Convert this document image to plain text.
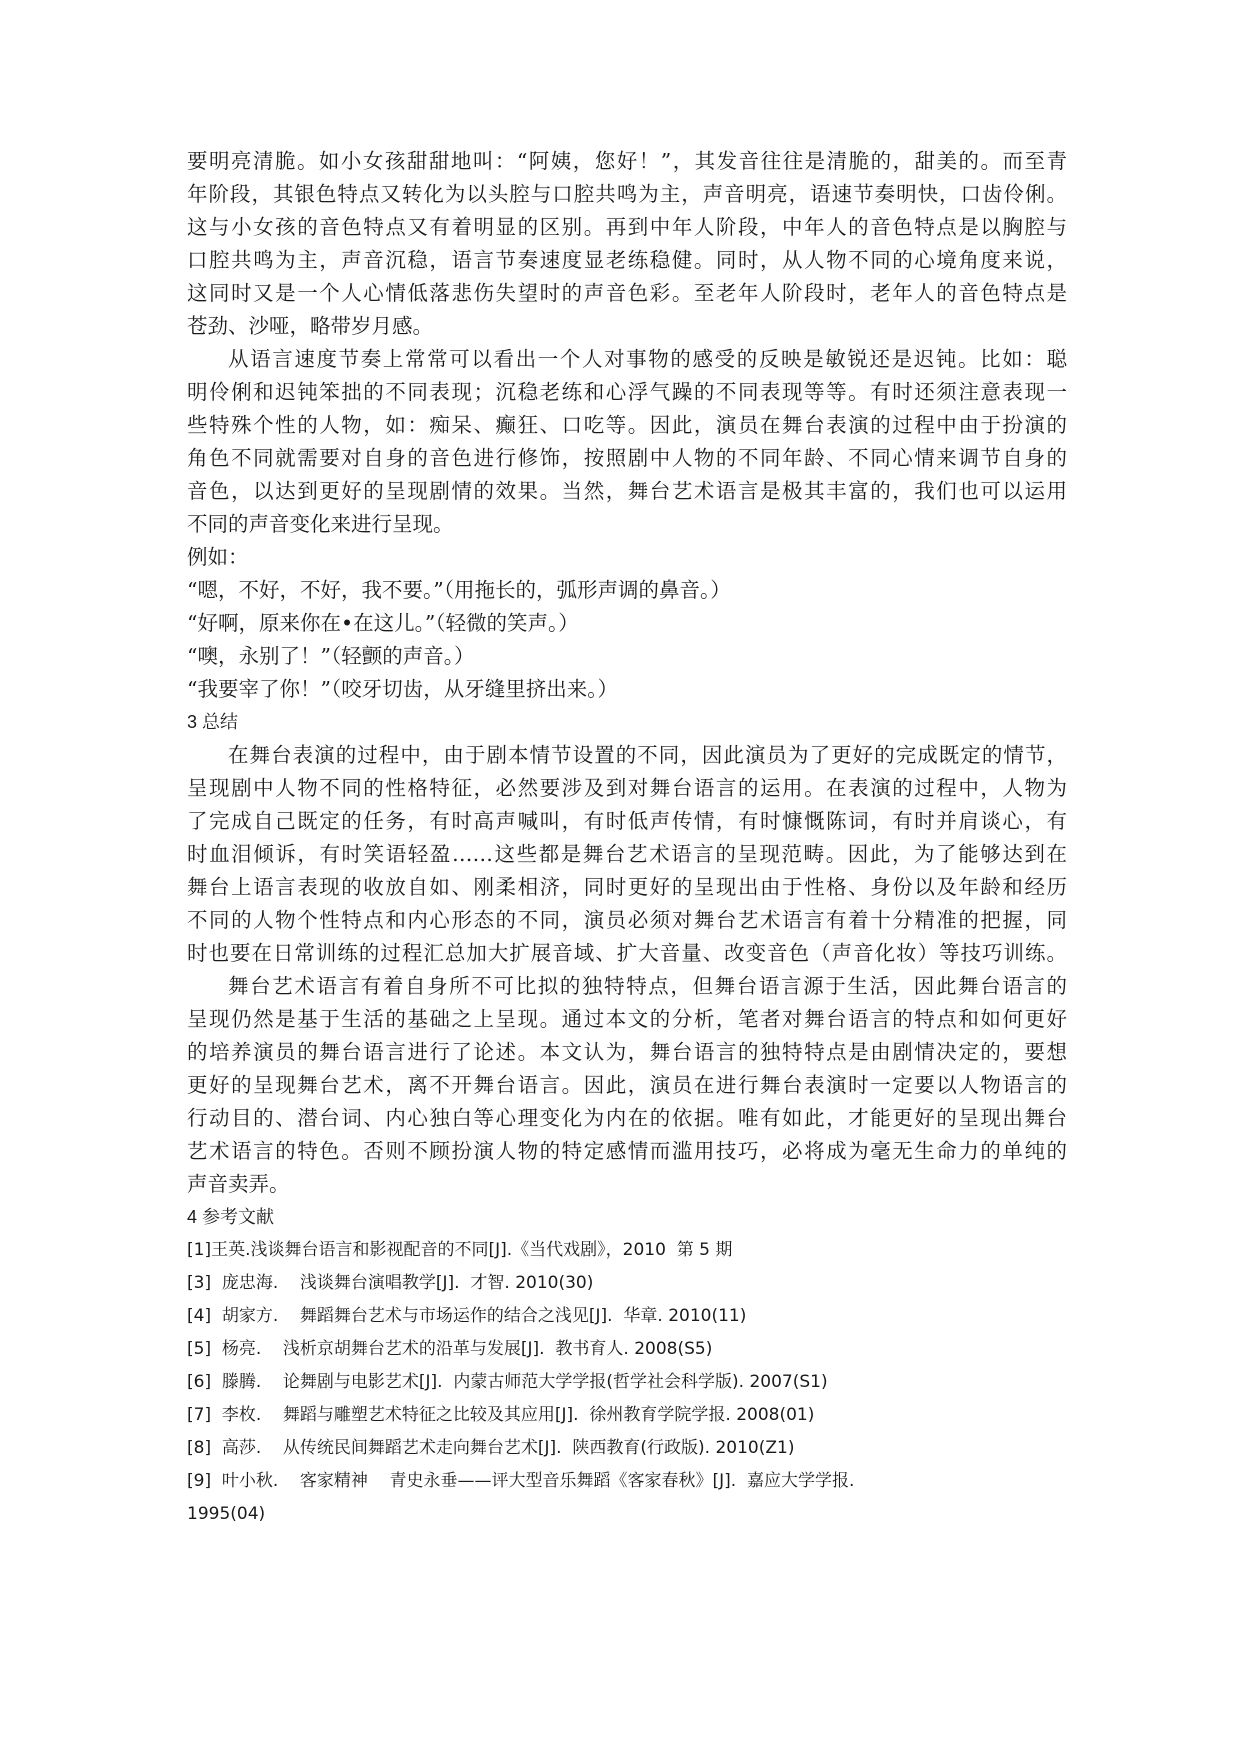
要明亮清脆。如小女孩甜甜地叫：“阿姨，您好！”，其发音往往是清脆的，甜美的。而至青
年阶段，其银色特点又转化为以头腔与口腔共鸣为主，声音明亮，语速节奏明快，口齿伶俐。
这与小女孩的音色特点又有着明显的区别。再到中年人阶段，中年人的音色特点是以胸腔与
口腔共鸣为主，声音沉稳，语言节奏速度显老练稳健。同时，从人物不同的心境角度来说，
这同时又是一个人心情低落悲伤失望时的声音色彩。至老年人阶段时，老年人的音色特点是
苍劲、沙哑，略带岁月感。
从语言速度节奏上常常可以看出一个人对事物的感受的反映是敏锐还是迟钝。比如：聪
明伶俐和迟钝笨拙的不同表现；沉稳老练和心浮气躁的不同表现等等。有时还须注意表现一
些特殊个性的人物，如：痴呆、癫狂、口吃等。因此，演员在舞台表演的过程中由于扮演的
角色不同就需要对自身的音色进行修饰，按照剧中人物的不同年龄、不同心情来调节自身的
音色，以达到更好的呈现剧情的效果。当然，舞台艺术语言是极其丰富的，我们也可以运用
不同的声音变化来进行呈现。
例如：
“嗯，不好，不好，我不要。”（用拖长的，弧形声调的鼻音。）
“好啊，原来你在•在这儿。”（轻微的笑声。）
“噢，永别了！”（轻颤的声音。）
“我要宰了你！”（咬牙切齿，从牙缝里挤出来。）
3 总结
在舞台表演的过程中，由于剧本情节设置的不同，因此演员为了更好的完成既定的情节，
呈现剧中人物不同的性格特征，必然要涉及到对舞台语言的运用。在表演的过程中，人物为
了完成自己既定的任务，有时高声喊叫，有时低声传情，有时慷慨陈词，有时并肩谈心，有
时血泪倾诉，有时笑语轻盈……这些都是舞台艺术语言的呈现范畴。因此，为了能够达到在
舞台上语言表现的收放自如、刚柔相济，同时更好的呈现出由于性格、身份以及年龄和经历
不同的人物个性特点和内心形态的不同，演员必须对舞台艺术语言有着十分精准的把握，同
时也要在日常训练的过程汇总加大扩展音域、扩大音量、改变音色（声音化妆）等技巧训练。
舞台艺术语言有着自身所不可比拟的独特特点，但舞台语言源于生活，因此舞台语言的
呈现仍然是基于生活的基础之上呈现。通过本文的分析，笔者对舞台语言的特点和如何更好
的培养演员的舞台语言进行了论述。本文认为，舞台语言的独特特点是由剧情决定的，要想
更好的呈现舞台艺术，离不开舞台语言。因此，演员在进行舞台表演时一定要以人物语言的
行动目的、潜台词、内心独白等心理变化为内在的依据。唯有如此，才能更好的呈现出舞台
艺术语言的特色。否则不顾扮演人物的特定感情而滥用技巧，必将成为毫无生命力的单纯的
声音卖弄。
4 参考文献
[1]王英.浅谈舞台语言和影视配音的不同[J].《当代戏剧》，2010  第 5 期
[3]  庞忠海.    浅谈舞台演唱教学[J].  才智. 2010(30)
[4]  胡家方.    舞蹈舞台艺术与市场运作的结合之浅见[J].  华章. 2010(11)
[5]  杨亮.    浅析京胡舞台艺术的沿革与发展[J].  教书育人. 2008(S5)
[6]  滕腾.    论舞剧与电影艺术[J].  内蒙古师范大学学报(哲学社会科学版). 2007(S1)
[7]  李枚.    舞蹈与雕塑艺术特征之比较及其应用[J].  徐州教育学院学报. 2008(01)
[8]  高莎.    从传统民间舞蹈艺术走向舞台艺术[J].  陕西教育(行政版). 2010(Z1)
[9]  叶小秋.    客家精神    青史永垂——评大型音乐舞蹈《客家春秋》[J].  嘉应大学学报.
1995(04)
